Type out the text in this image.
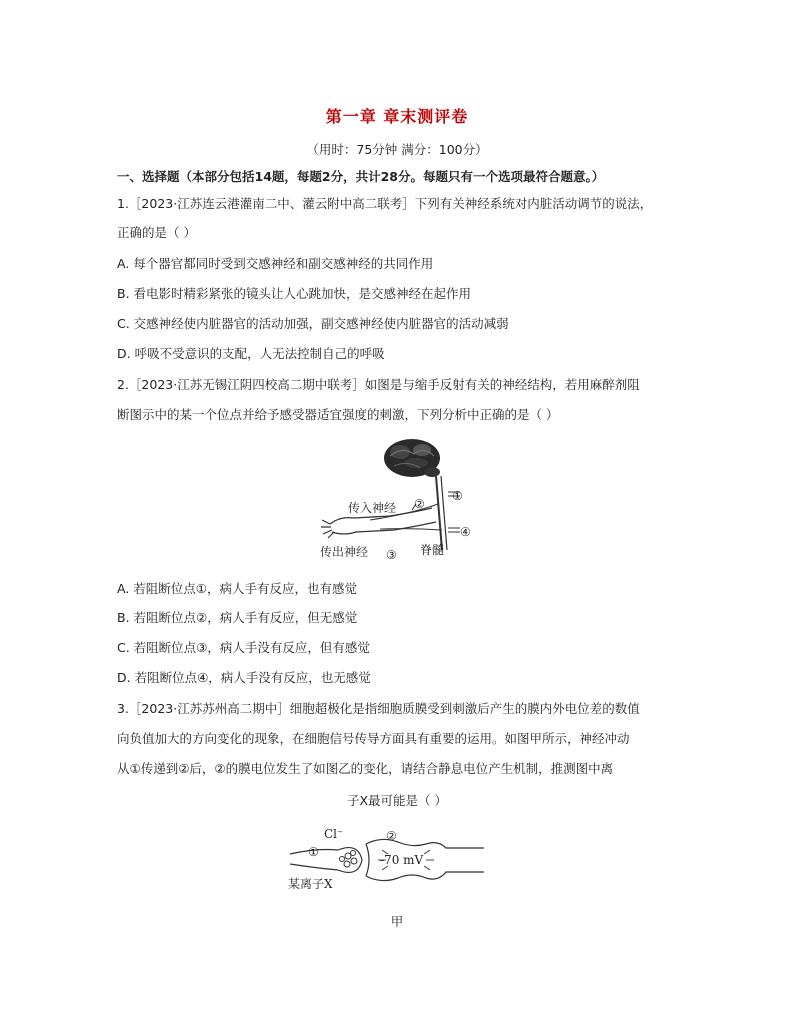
第一章 章末测评卷
（用时：75分钟 满分：100分）
一、选择题（本部分包括14题，每题2分，共计28分。每题只有一个选项最符合题意。）
1.［2023·江苏连云港灌南二中、灌云附中高二联考］下列有关神经系统对内脏活动调节的说法，
正确的是（ ）
A. 每个器官都同时受到交感神经和副交感神经的共同作用
B. 看电影时精彩紧张的镜头让人心跳加快，是交感神经在起作用
C. 交感神经使内脏器官的活动加强，副交感神经使内脏器官的活动减弱
D. 呼吸不受意识的支配，人无法控制自己的呼吸
2.［2023·江苏无锡江阴四校高二期中联考］如图是与缩手反射有关的神经结构，若用麻醉剂阻
断图示中的某一个位点并给予感受器适宜强度的刺激，下列分析中正确的是（ ）
传入神经 ②
①
④
传出神经 ③ 脊髓
A. 若阻断位点①，病人手有反应，也有感觉
B. 若阻断位点②，病人手有反应，但无感觉
C. 若阻断位点③，病人手没有反应，但有感觉
D. 若阻断位点④，病人手没有反应，也无感觉
3.［2023·江苏苏州高二期中］细胞超极化是指细胞质膜受到刺激后产生的膜内外电位差的数值
向负值加大的方向变化的现象，在细胞信号传导方面具有重要的运用。如图甲所示，神经冲动
从①传递到②后，②的膜电位发生了如图乙的变化，请结合静息电位产生机制，推测图中离
子X最可能是（ ）
Cl⁻	②
①
-70 mV
某离子X
甲
